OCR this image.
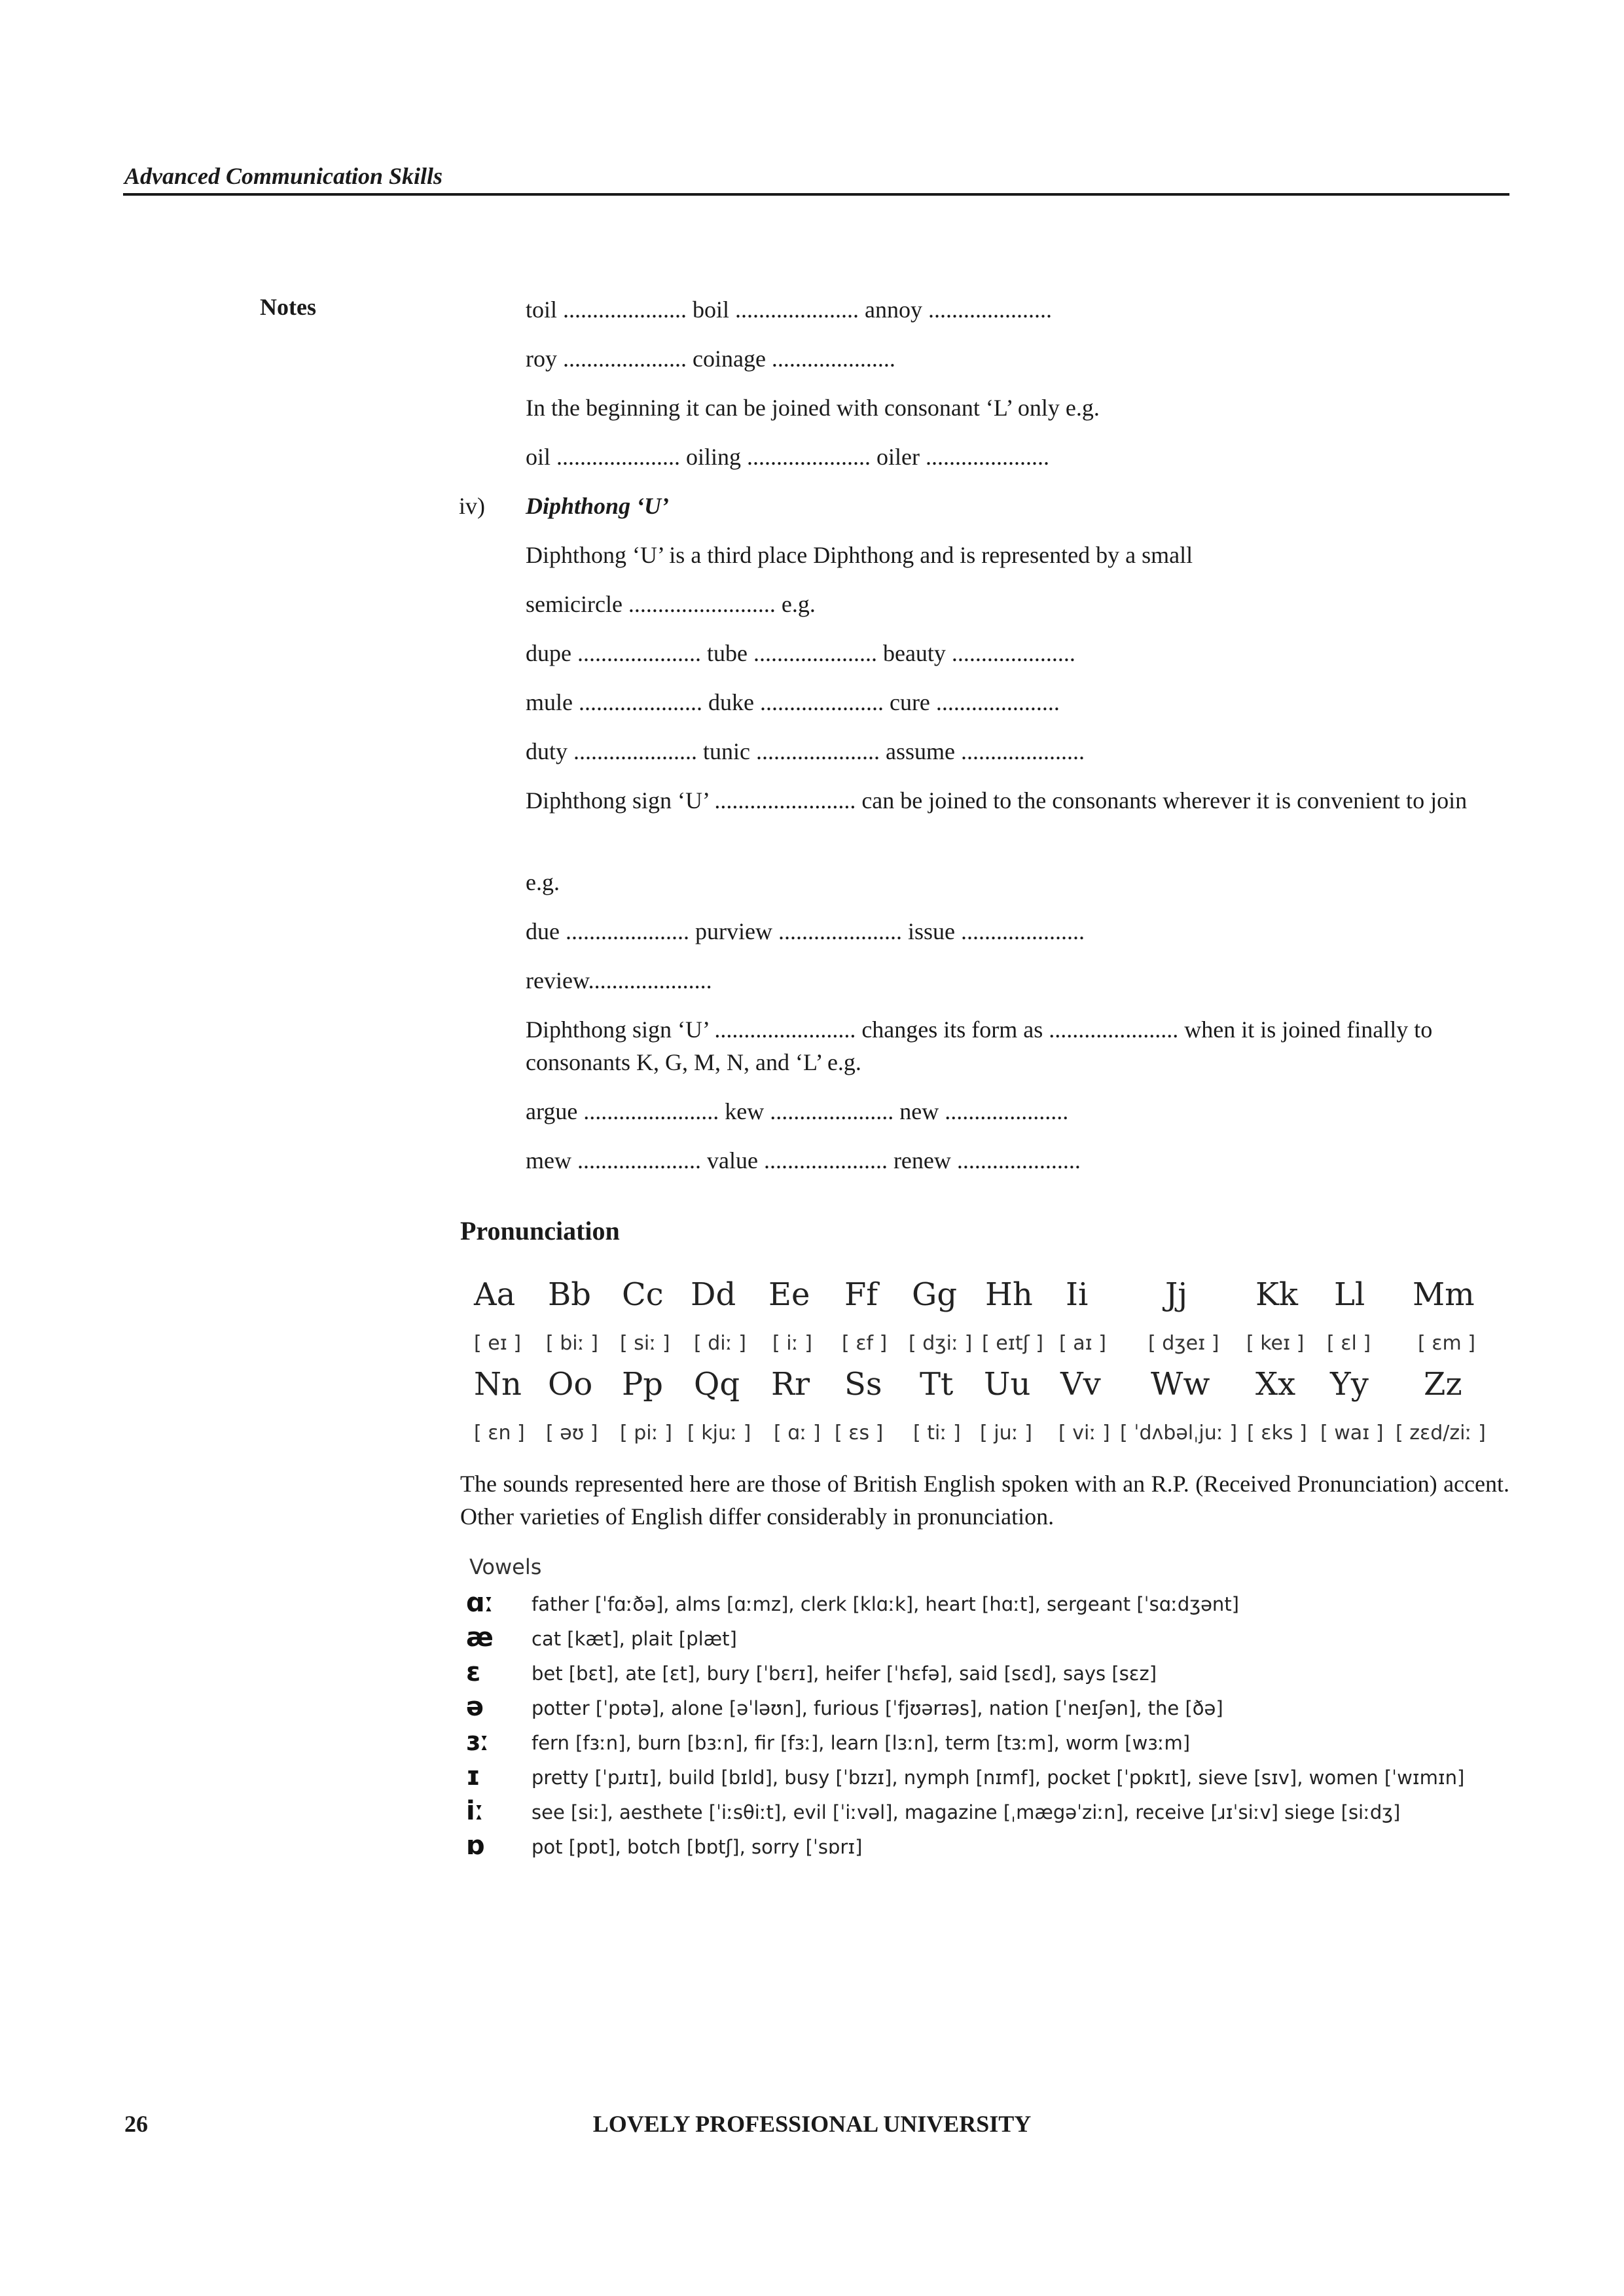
Advanced Communication Skills
Notes	toil ..................... boil ..................... annoy .....................
roy ..................... coinage .....................
In the beginning it can be joined with consonant ‘L’ only e.g.
oil ..................... oiling ..................... oiler .....................
iv) Diphthong ‘U’
Diphthong ‘U’ is a third place Diphthong and is represented by a small
semicircle ......................... e.g.
dupe ..................... tube ..................... beauty .....................
mule ..................... duke ..................... cure .....................
duty ..................... tunic ..................... assume .....................
Diphthong sign ‘U’ ........................ can be joined to the consonants wherever it is convenient to join
e.g.
due ..................... purview ..................... issue .....................
review.....................
Diphthong sign ‘U’ ........................ changes its form as ...................... when it is joined finally to consonants K, G, M, N, and ‘L’ e.g.
argue ....................... kew ..................... new .....................
mew ..................... value ..................... renew .....................
Pronunciation
Aa Bb Cc Dd Ee Ff Gg Hh Ii Jj Kk Ll Mm
[ eɪ ] [ biː ] [ siː ] [ diː ] [ iː ] [ ɛf ] [ dʒiː ] [ eɪtʃ ] [ aɪ ] [ dʒeɪ ] [ keɪ ] [ ɛl ] [ ɛm ]
Nn Oo Pp Qq Rr Ss Tt Uu Vv Ww Xx Yy Zz
[ ɛn ] [ əʊ ] [ piː ] [ kjuː ] [ ɑː ] [ ɛs ] [ tiː ] [ juː ] [ viː ] [ ˈdʌbəlˌjuː ] [ ɛks ] [ waɪ ] [ zɛd/ziː ]
The sounds represented here are those of British English spoken with an R.P. (Received Pronunciation) accent. Other varieties of English differ considerably in pronunciation.
Vowels
ɑː	father [ˈfɑːðə], alms [ɑːmz], clerk [klɑːk], heart [hɑːt], sergeant [ˈsɑːdʒənt]
æ	cat [kæt], plait [plæt]
ɛ	bet [bɛt], ate [ɛt], bury [ˈbɛrɪ], heifer [ˈhɛfə], said [sɛd], says [sɛz]
ə	potter [ˈpɒtə], alone [əˈləʊn], furious [ˈfjʊərɪəs], nation [ˈneɪʃən], the [ðə]
ɜː	fern [fɜːn], burn [bɜːn], fir [fɜː], learn [lɜːn], term [tɜːm], worm [wɜːm]
ɪ	pretty [ˈpɹɪtɪ], build [bɪld], busy [ˈbɪzɪ], nymph [nɪmf], pocket [ˈpɒkɪt], sieve [sɪv], women [ˈwɪmɪn]
iː	see [siː], aesthete [ˈiːsθiːt], evil [ˈiːvəl], magazine [ˌmægəˈziːn], receive [ɹɪˈsiːv] siege [siːdʒ]
ɒ	pot [pɒt], botch [bɒtʃ], sorry [ˈsɒrɪ]
26	LOVELY PROFESSIONAL UNIVERSITY
